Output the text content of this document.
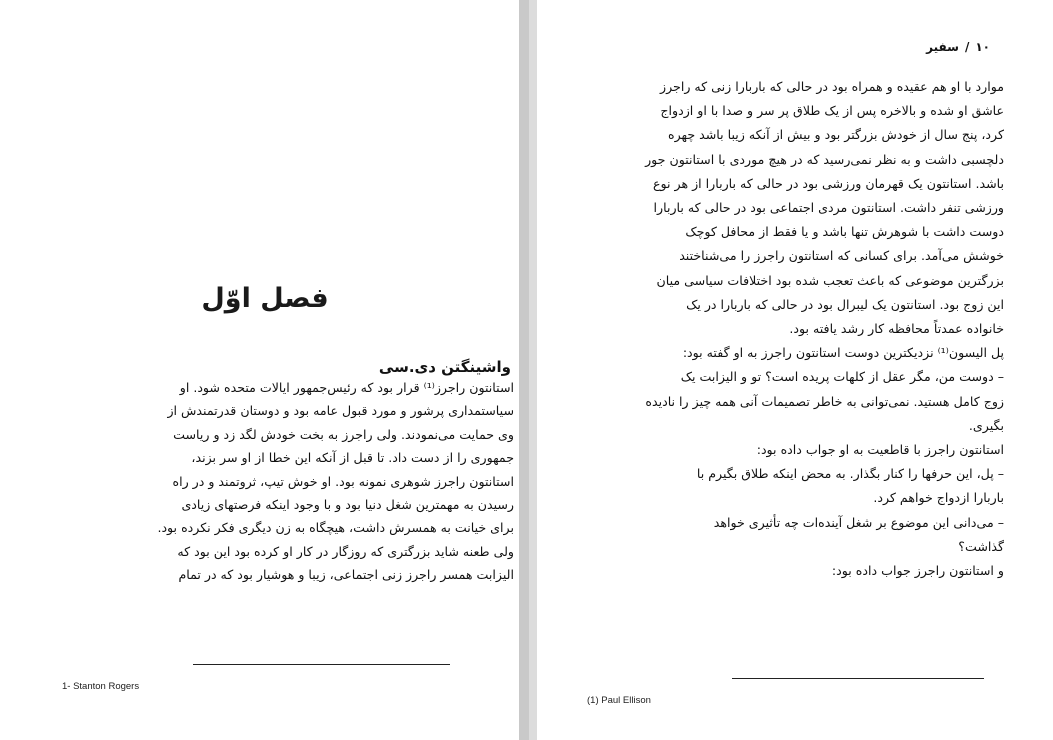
فصل اوّل
واشینگتن دی.سی

استانتون راجرز⁽¹⁾ قرار بود که رئیس‌جمهور ایالات متحده شود. او

سیاستمداری پرشور و مورد قبول عامه بود و دوستان قدرتمندش از

وی حمایت می‌نمودند. ولی راجرز به بخت خودش لگد زد و ریاست

جمهوری را از دست داد. تا قبل از آنکه این خطا از او سر بزند،

استانتون راجرز شوهری نمونه بود. او خوش تیپ، ثروتمند و در راه

رسیدن به مهمترین شغل دنیا بود و با وجود اینکه فرصتهای زیادی

برای خیانت به همسرش داشت، هیچگاه به زن دیگری فکر نکرده بود.

ولی طعنه شاید بزرگتری که روزگار در کار او کرده بود این بود که

الیزابت همسر راجرز زنی اجتماعی، زیبا و هوشیار بود که در تمام

1- Stanton Rogers
۱۰/سفیر

موارد با او هم عقیده و همراه بود در حالی که باربارا زنی که راجرز

عاشق او شده و بالاخره پس از یک طلاق پر سر و صدا با او ازدواج

کرد، پنج سال از خودش بزرگتر بود و بیش از آنکه زیبا باشد چهره

دلچسبی داشت و به نظر نمی‌رسید که در هیچ موردی با استانتون جور

باشد. استانتون یک قهرمان ورزشی بود در حالی که باربارا از هر نوع

ورزشی تنفر داشت. استانتون مردی اجتماعی بود در حالی که باربارا

دوست داشت با شوهرش تنها باشد و یا فقط از محافل کوچک

خوشش می‌آمد. برای کسانی که استانتون راجرز را می‌شناختند

بزرگترین موضوعی که باعث تعجب شده بود اختلافات سیاسی میان

این زوج بود. استانتون یک لیبرال بود در حالی که باربارا در یک

خانواده عمدتاً محافظه کار رشد یافته بود.

پل الیسون⁽¹⁾ نزدیکترین دوست استانتون راجرز به او گفته بود:

– دوست من، مگر عقل از کلهات پریده است؟ تو و الیزابت یک

زوج کامل هستید. نمی‌توانی به خاطر تصمیمات آنی همه چیز را نادیده

بگیری.

استانتون راجرز با قاطعیت به او جواب داده بود:

– پل، این حرفها را کنار بگذار. به محض اینکه طلاق بگیرم با

باربارا ازدواج خواهم کرد.

– می‌دانی این موضوع بر شغل آینده‌ات چه تأثیری خواهد

گذاشت؟

و استانتون راجرز جواب داده بود:

(1) Paul Ellison
